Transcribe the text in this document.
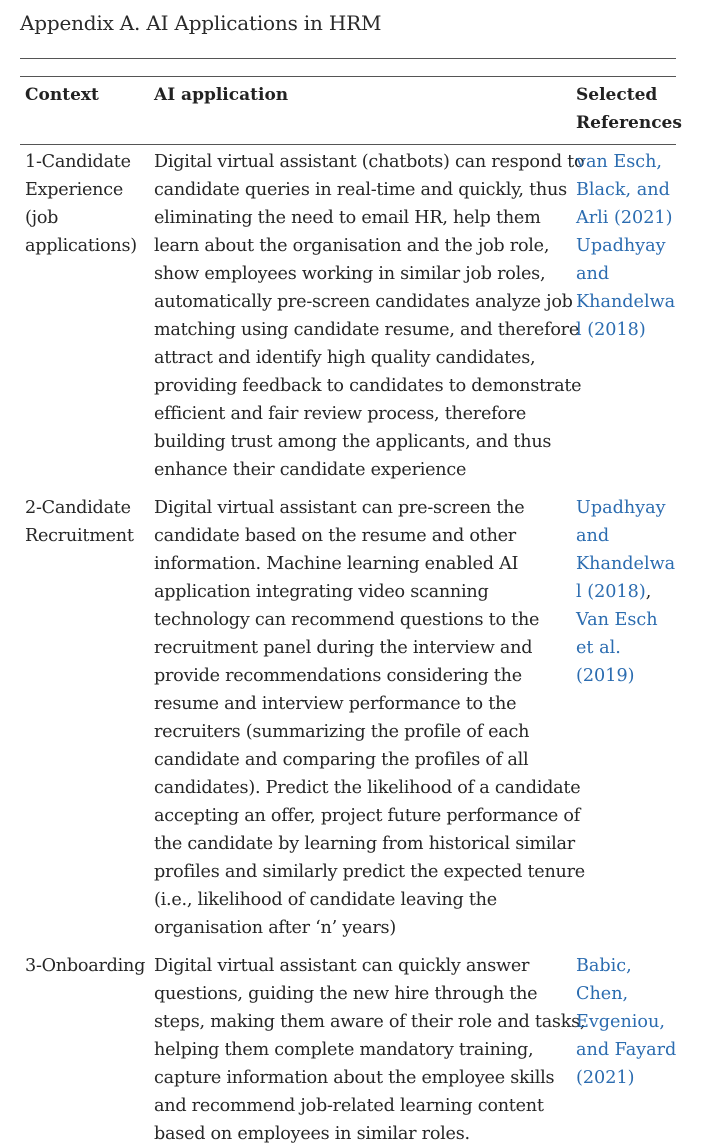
Appendix A. AI Applications in HRM
Context	AI application	Selected
References
1-Candidate
Experience
(job
applications)
Digital virtual assistant (chatbots) can respond to
candidate queries in real-time and quickly, thus
eliminating the need to email HR, help them
learn about the organisation and the job role,
show employees working in similar job roles,
automatically pre-screen candidates analyze job
matching using candidate resume, and therefore
attract and identify high quality candidates,
providing feedback to candidates to demonstrate
efficient and fair review process, therefore
building trust among the applicants, and thus
enhance their candidate experience
van Esch,
Black, and
Arli (2021)
Upadhyay
and
Khandelwa
l (2018)
2-Candidate
Recruitment
Digital virtual assistant can pre-screen the
candidate based on the resume and other
information. Machine learning enabled AI
application integrating video scanning
technology can recommend questions to the
recruitment panel during the interview and
provide recommendations considering the
resume and interview performance to the
recruiters (summarizing the profile of each
candidate and comparing the profiles of all
candidates). Predict the likelihood of a candidate
accepting an offer, project future performance of
the candidate by learning from historical similar
profiles and similarly predict the expected tenure
(i.e., likelihood of candidate leaving the
organisation after ‘n’ years)
Upadhyay
and
Khandelwa
l (2018),
Van Esch
et al.
(2019)
3-Onboarding Digital virtual assistant can quickly answer
questions, guiding the new hire through the
steps, making them aware of their role and tasks,
helping them complete mandatory training,
capture information about the employee skills
and recommend job-related learning content
based on employees in similar roles.
Babic,
Chen,
Evgeniou,
and Fayard
(2021)
